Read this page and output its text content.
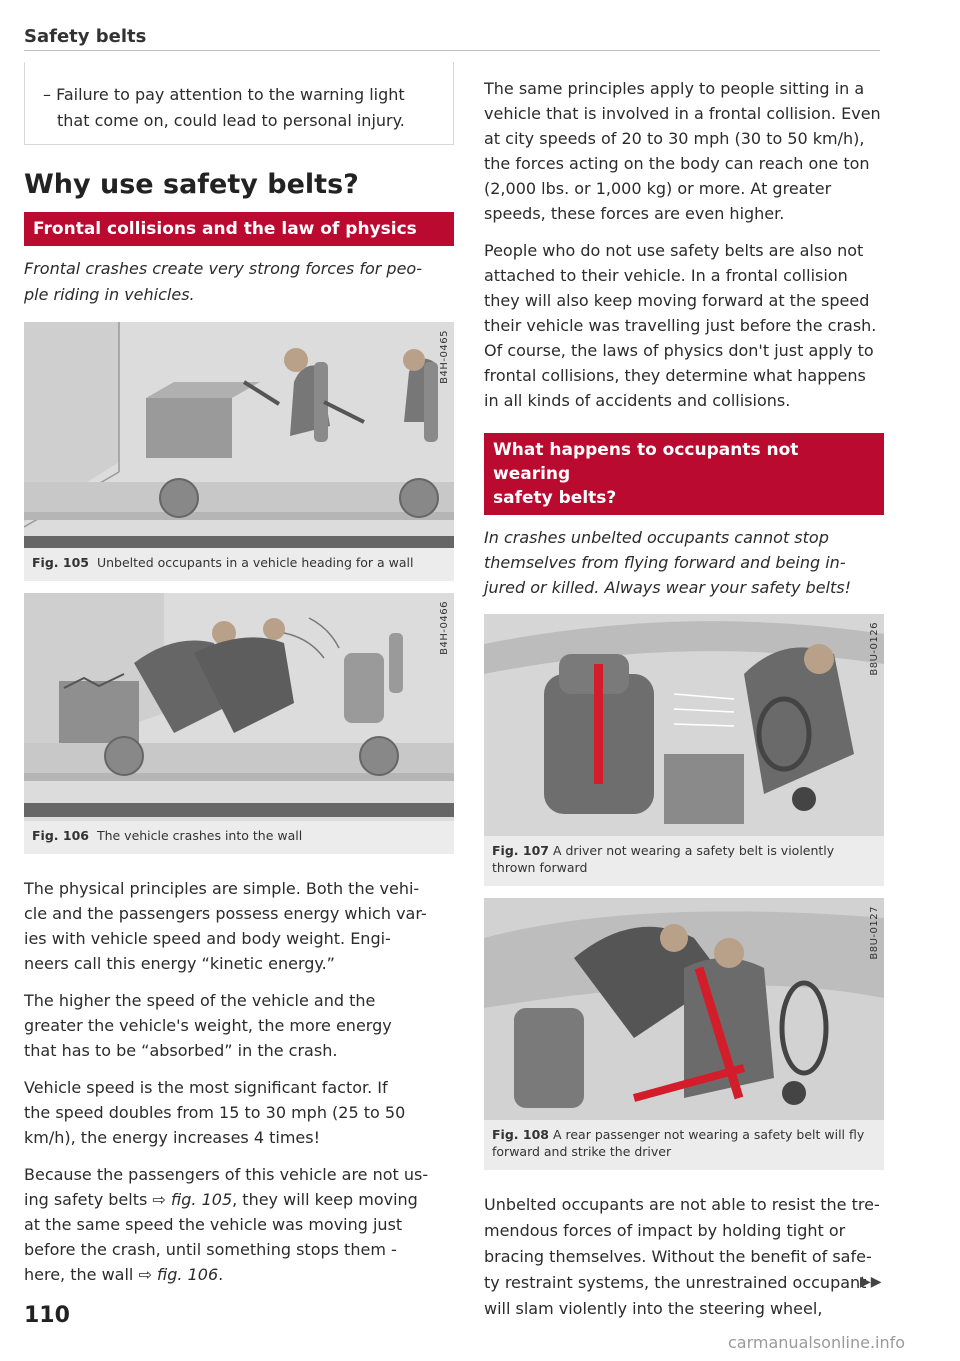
Safety belts
– Failure to pay attention to the warning light
that come on, could lead to personal injury.
Why use safety belts?
Frontal collisions and the law of physics
Frontal crashes create very strong forces for peo-
ple riding in vehicles.
B4H-0465
Fig. 105 Unbelted occupants in a vehicle heading for a wall
B4H-0466
Fig. 106 The vehicle crashes into the wall
The physical principles are simple. Both the vehi-
cle and the passengers possess energy which var-
ies with vehicle speed and body weight. Engi-
neers call this energy “kinetic energy.”
The higher the speed of the vehicle and the
greater the vehicle's weight, the more energy
that has to be “absorbed” in the crash.
Vehicle speed is the most significant factor. If
the speed doubles from 15 to 30 mph (25 to 50
km/h), the energy increases 4 times!
Because the passengers of this vehicle are not us-
ing safety belts ⇨ fig. 105, they will keep moving
at the same speed the vehicle was moving just
before the crash, until something stops them -
here, the wall ⇨ fig. 106.
The same principles apply to people sitting in a
vehicle that is involved in a frontal collision. Even
at city speeds of 20 to 30 mph (30 to 50 km/h),
the forces acting on the body can reach one ton
(2,000 lbs. or 1,000 kg) or more. At greater
speeds, these forces are even higher.
People who do not use safety belts are also not
attached to their vehicle. In a frontal collision
they will also keep moving forward at the speed
their vehicle was travelling just before the crash.
Of course, the laws of physics don't just apply to
frontal collisions, they determine what happens
in all kinds of accidents and collisions.
What happens to occupants not wearing
safety belts?
In crashes unbelted occupants cannot stop
themselves from flying forward and being in-
jured or killed. Always wear your safety belts!
B8U-0126
Fig. 107 A driver not wearing a safety belt is violently
thrown forward
B8U-0127
Fig. 108 A rear passenger not wearing a safety belt will fly
forward and strike the driver
Unbelted occupants are not able to resist the tre-
mendous forces of impact by holding tight or
bracing themselves. Without the benefit of safe-
ty restraint systems, the unrestrained occupant
will slam violently into the steering wheel,
▶▶
110
carmanualsonline.info
